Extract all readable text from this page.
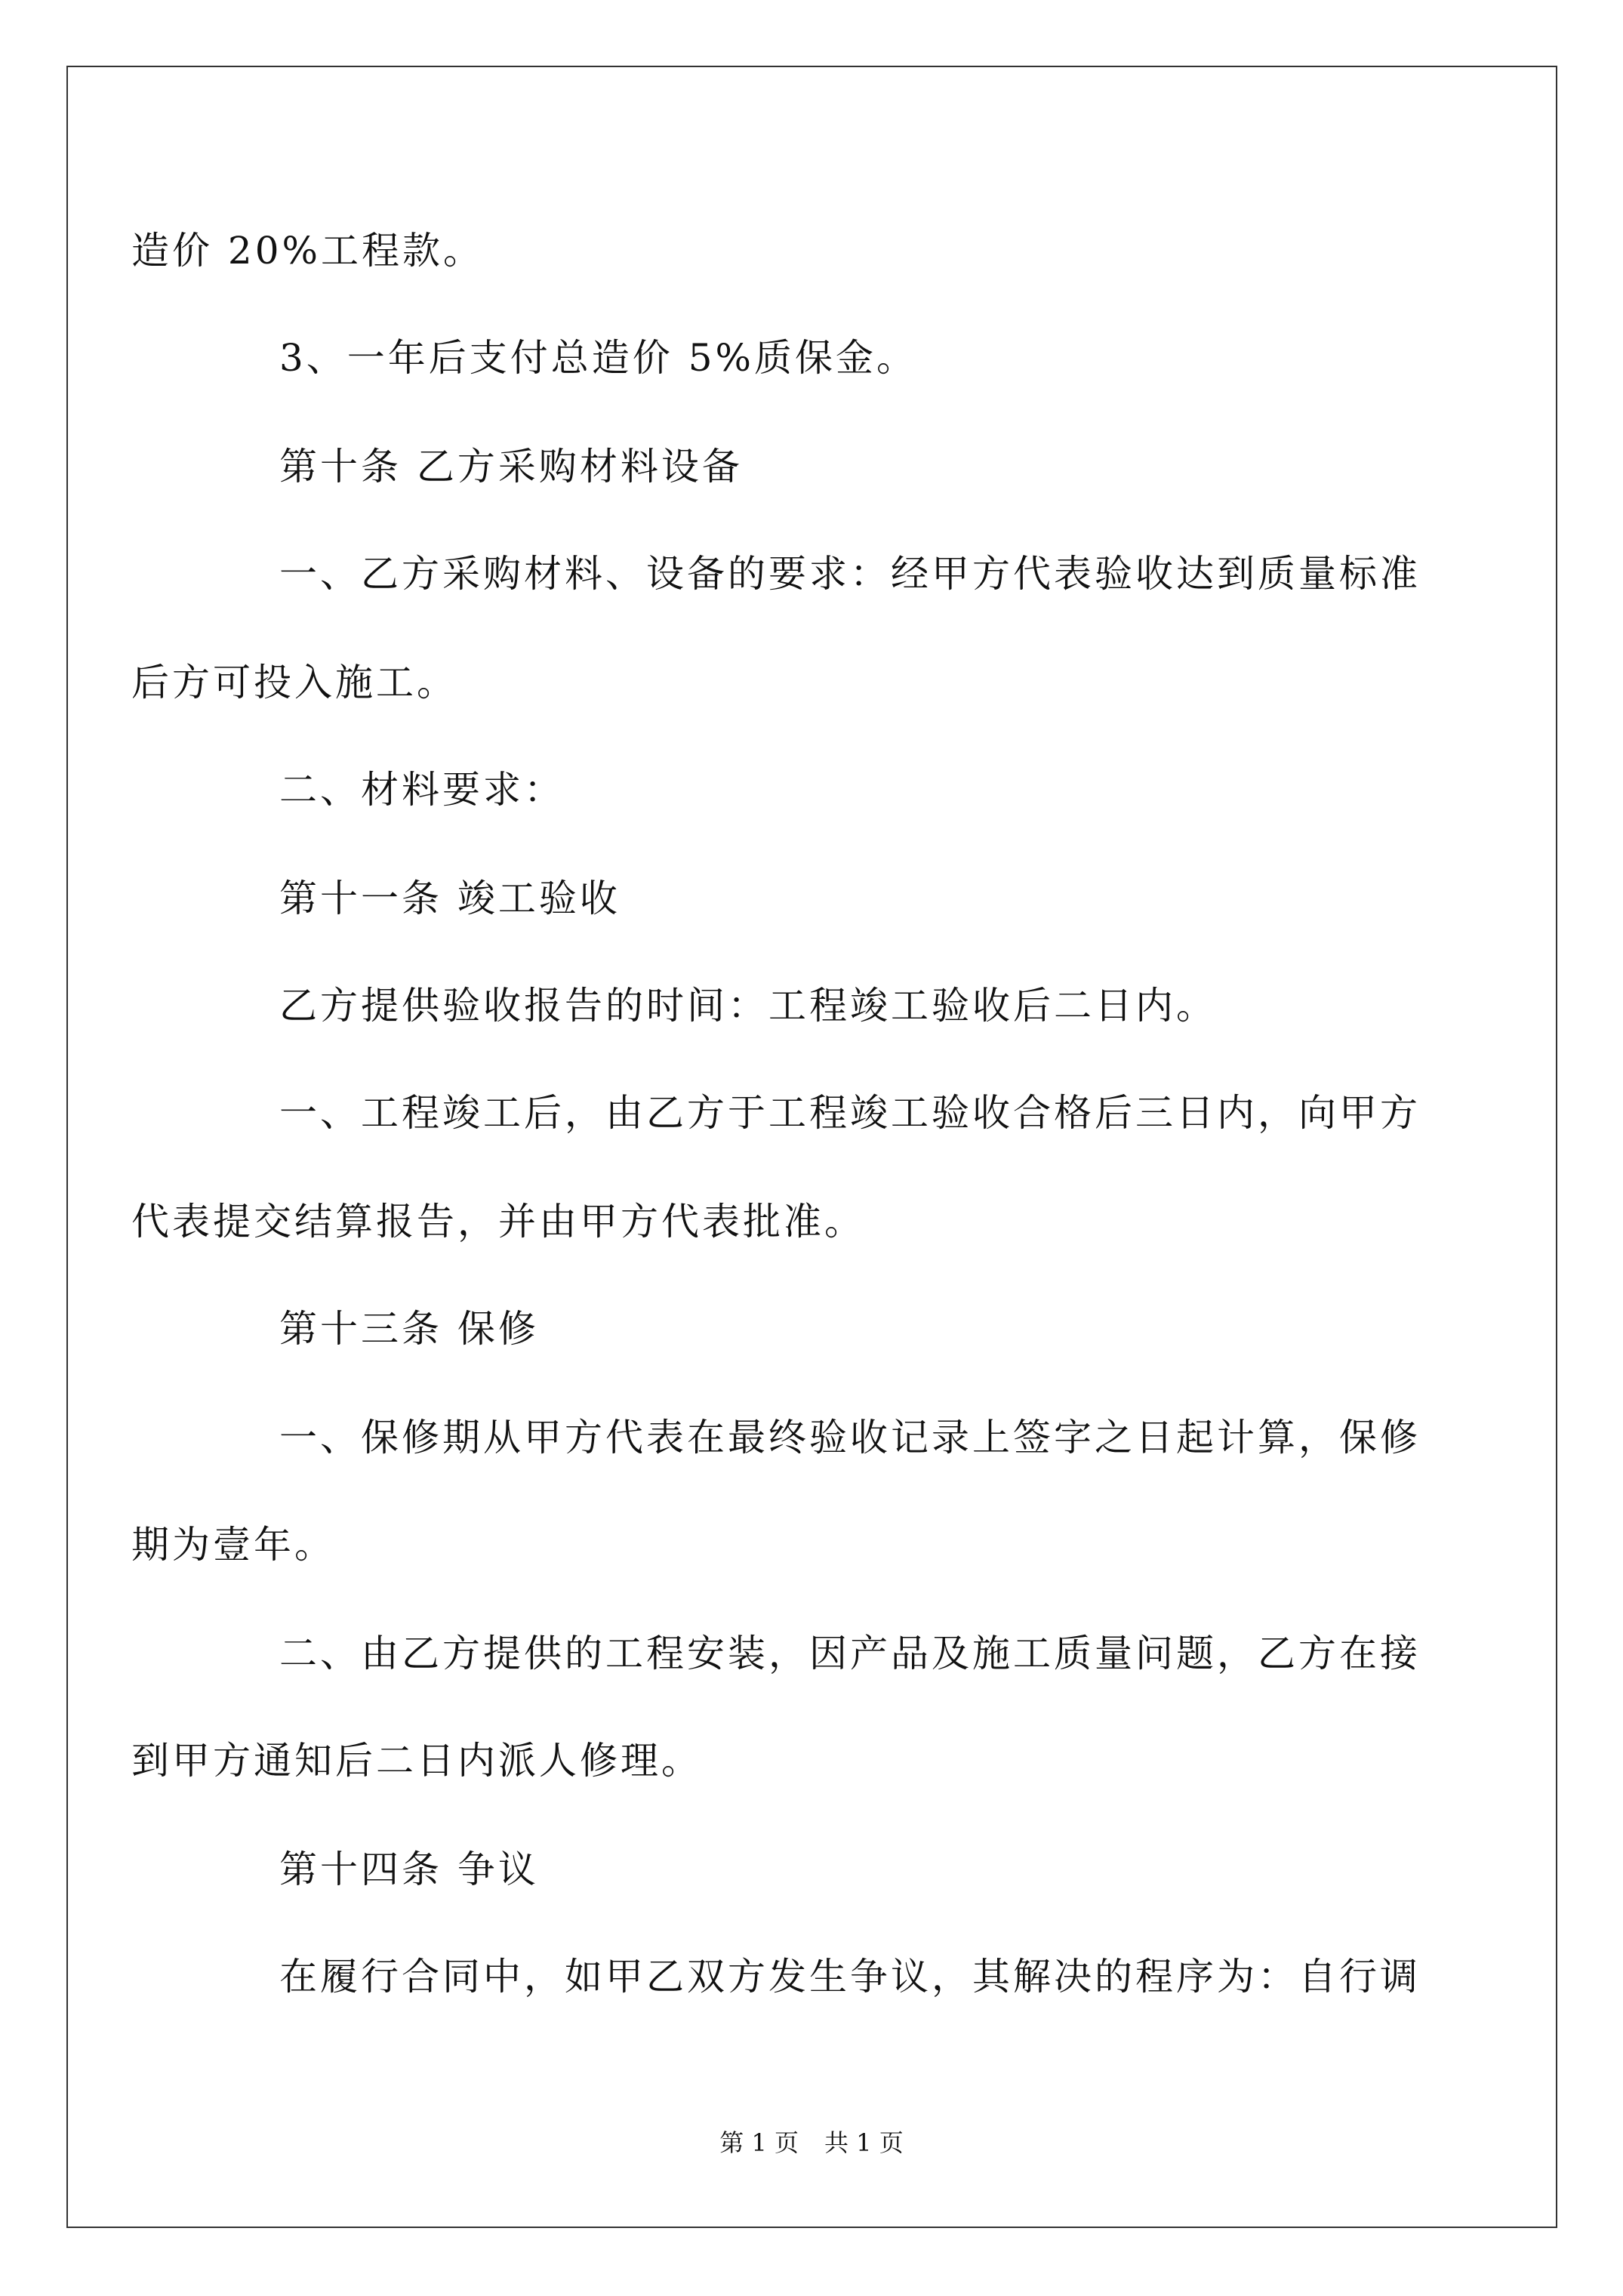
造价 20%工程款。
3、一年后支付总造价 5%质保金。
第十条 乙方采购材料设备
一、乙方采购材料、设备的要求：经甲方代表验收达到质量标准
后方可投入施工。
二、材料要求：
第十一条 竣工验收
乙方提供验收报告的时间：工程竣工验收后二日内。
一、工程竣工后，由乙方于工程竣工验收合格后三日内，向甲方
代表提交结算报告，并由甲方代表批准。
第十三条 保修
一、保修期从甲方代表在最终验收记录上签字之日起计算，保修
期为壹年。
二、由乙方提供的工程安装，因产品及施工质量问题，乙方在接
到甲方通知后二日内派人修理。
第十四条 争议
在履行合同中，如甲乙双方发生争议，其解决的程序为：自行调
第 1 页 共 1 页
